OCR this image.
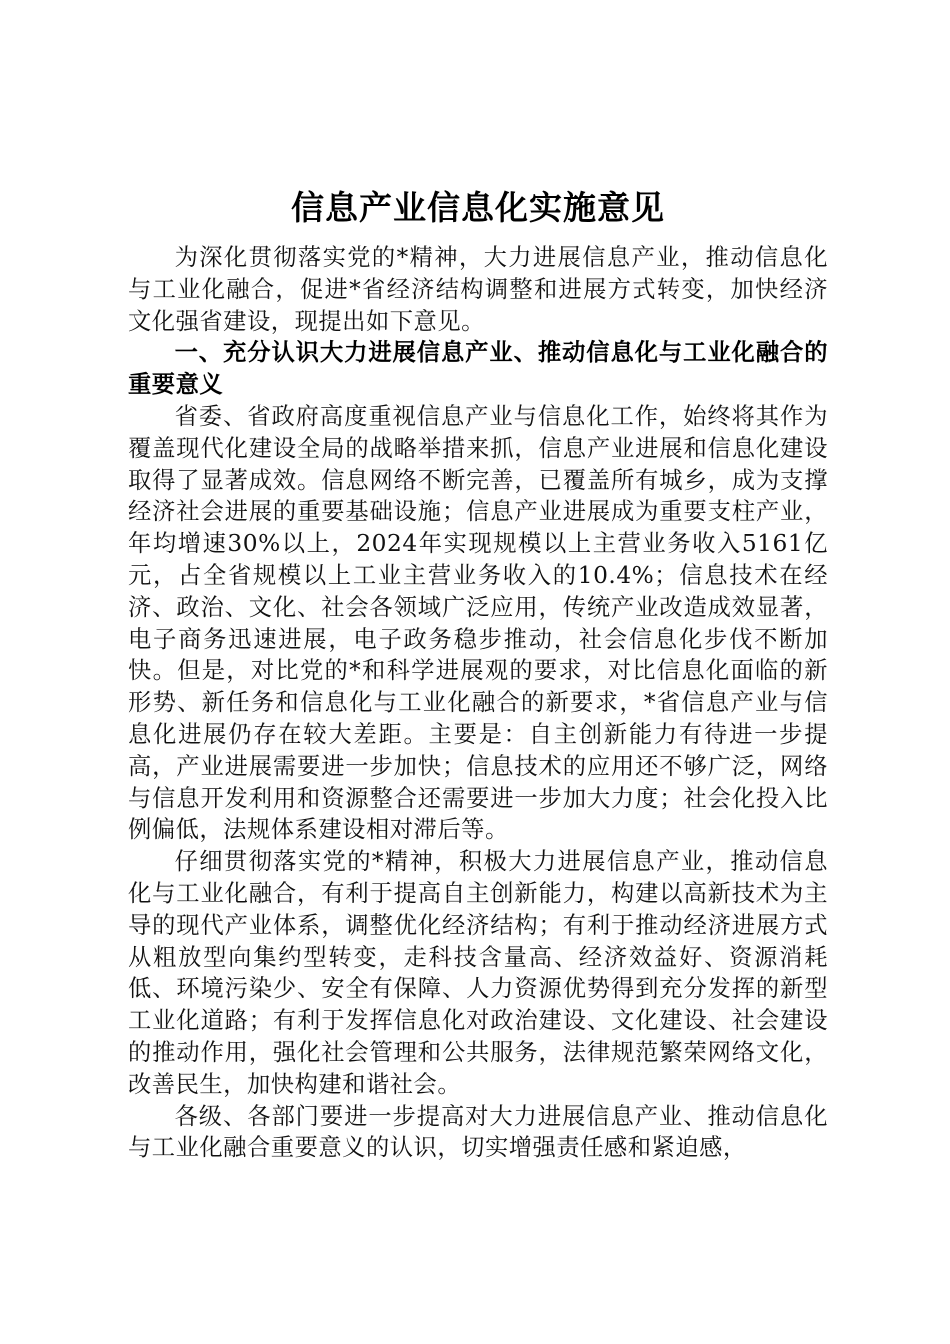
信息产业信息化实施意见

为深化贯彻落实党的*精神，大力进展信息产业，推动信息化与工业化融合，促进*省经济结构调整和进展方式转变，加快经济文化强省建设，现提出如下意见。

一、充分认识大力进展信息产业、推动信息化与工业化融合的重要意义

省委、省政府高度重视信息产业与信息化工作，始终将其作为覆盖现代化建设全局的战略举措来抓，信息产业进展和信息化建设取得了显著成效。信息网络不断完善，已覆盖所有城乡，成为支撑经济社会进展的重要基础设施；信息产业进展成为重要支柱产业，年均增速30%以上，2024年实现规模以上主营业务收入5161亿元，占全省规模以上工业主营业务收入的10.4%；信息技术在经济、政治、文化、社会各领域广泛应用，传统产业改造成效显著，电子商务迅速进展，电子政务稳步推动，社会信息化步伐不断加快。但是，对比党的*和科学进展观的要求，对比信息化面临的新形势、新任务和信息化与工业化融合的新要求，*省信息产业与信息化进展仍存在较大差距。主要是：自主创新能力有待进一步提高，产业进展需要进一步加快；信息技术的应用还不够广泛，网络与信息开发利用和资源整合还需要进一步加大力度；社会化投入比例偏低，法规体系建设相对滞后等。

仔细贯彻落实党的*精神，积极大力进展信息产业，推动信息化与工业化融合，有利于提高自主创新能力，构建以高新技术为主导的现代产业体系，调整优化经济结构；有利于推动经济进展方式从粗放型向集约型转变，走科技含量高、经济效益好、资源消耗低、环境污染少、安全有保障、人力资源优势得到充分发挥的新型工业化道路；有利于发挥信息化对政治建设、文化建设、社会建设的推动作用，强化社会管理和公共服务，法律规范繁荣网络文化，改善民生，加快构建和谐社会。

各级、各部门要进一步提高对大力进展信息产业、推动信息化与工业化融合重要意义的认识，切实增强责任感和紧迫感，
